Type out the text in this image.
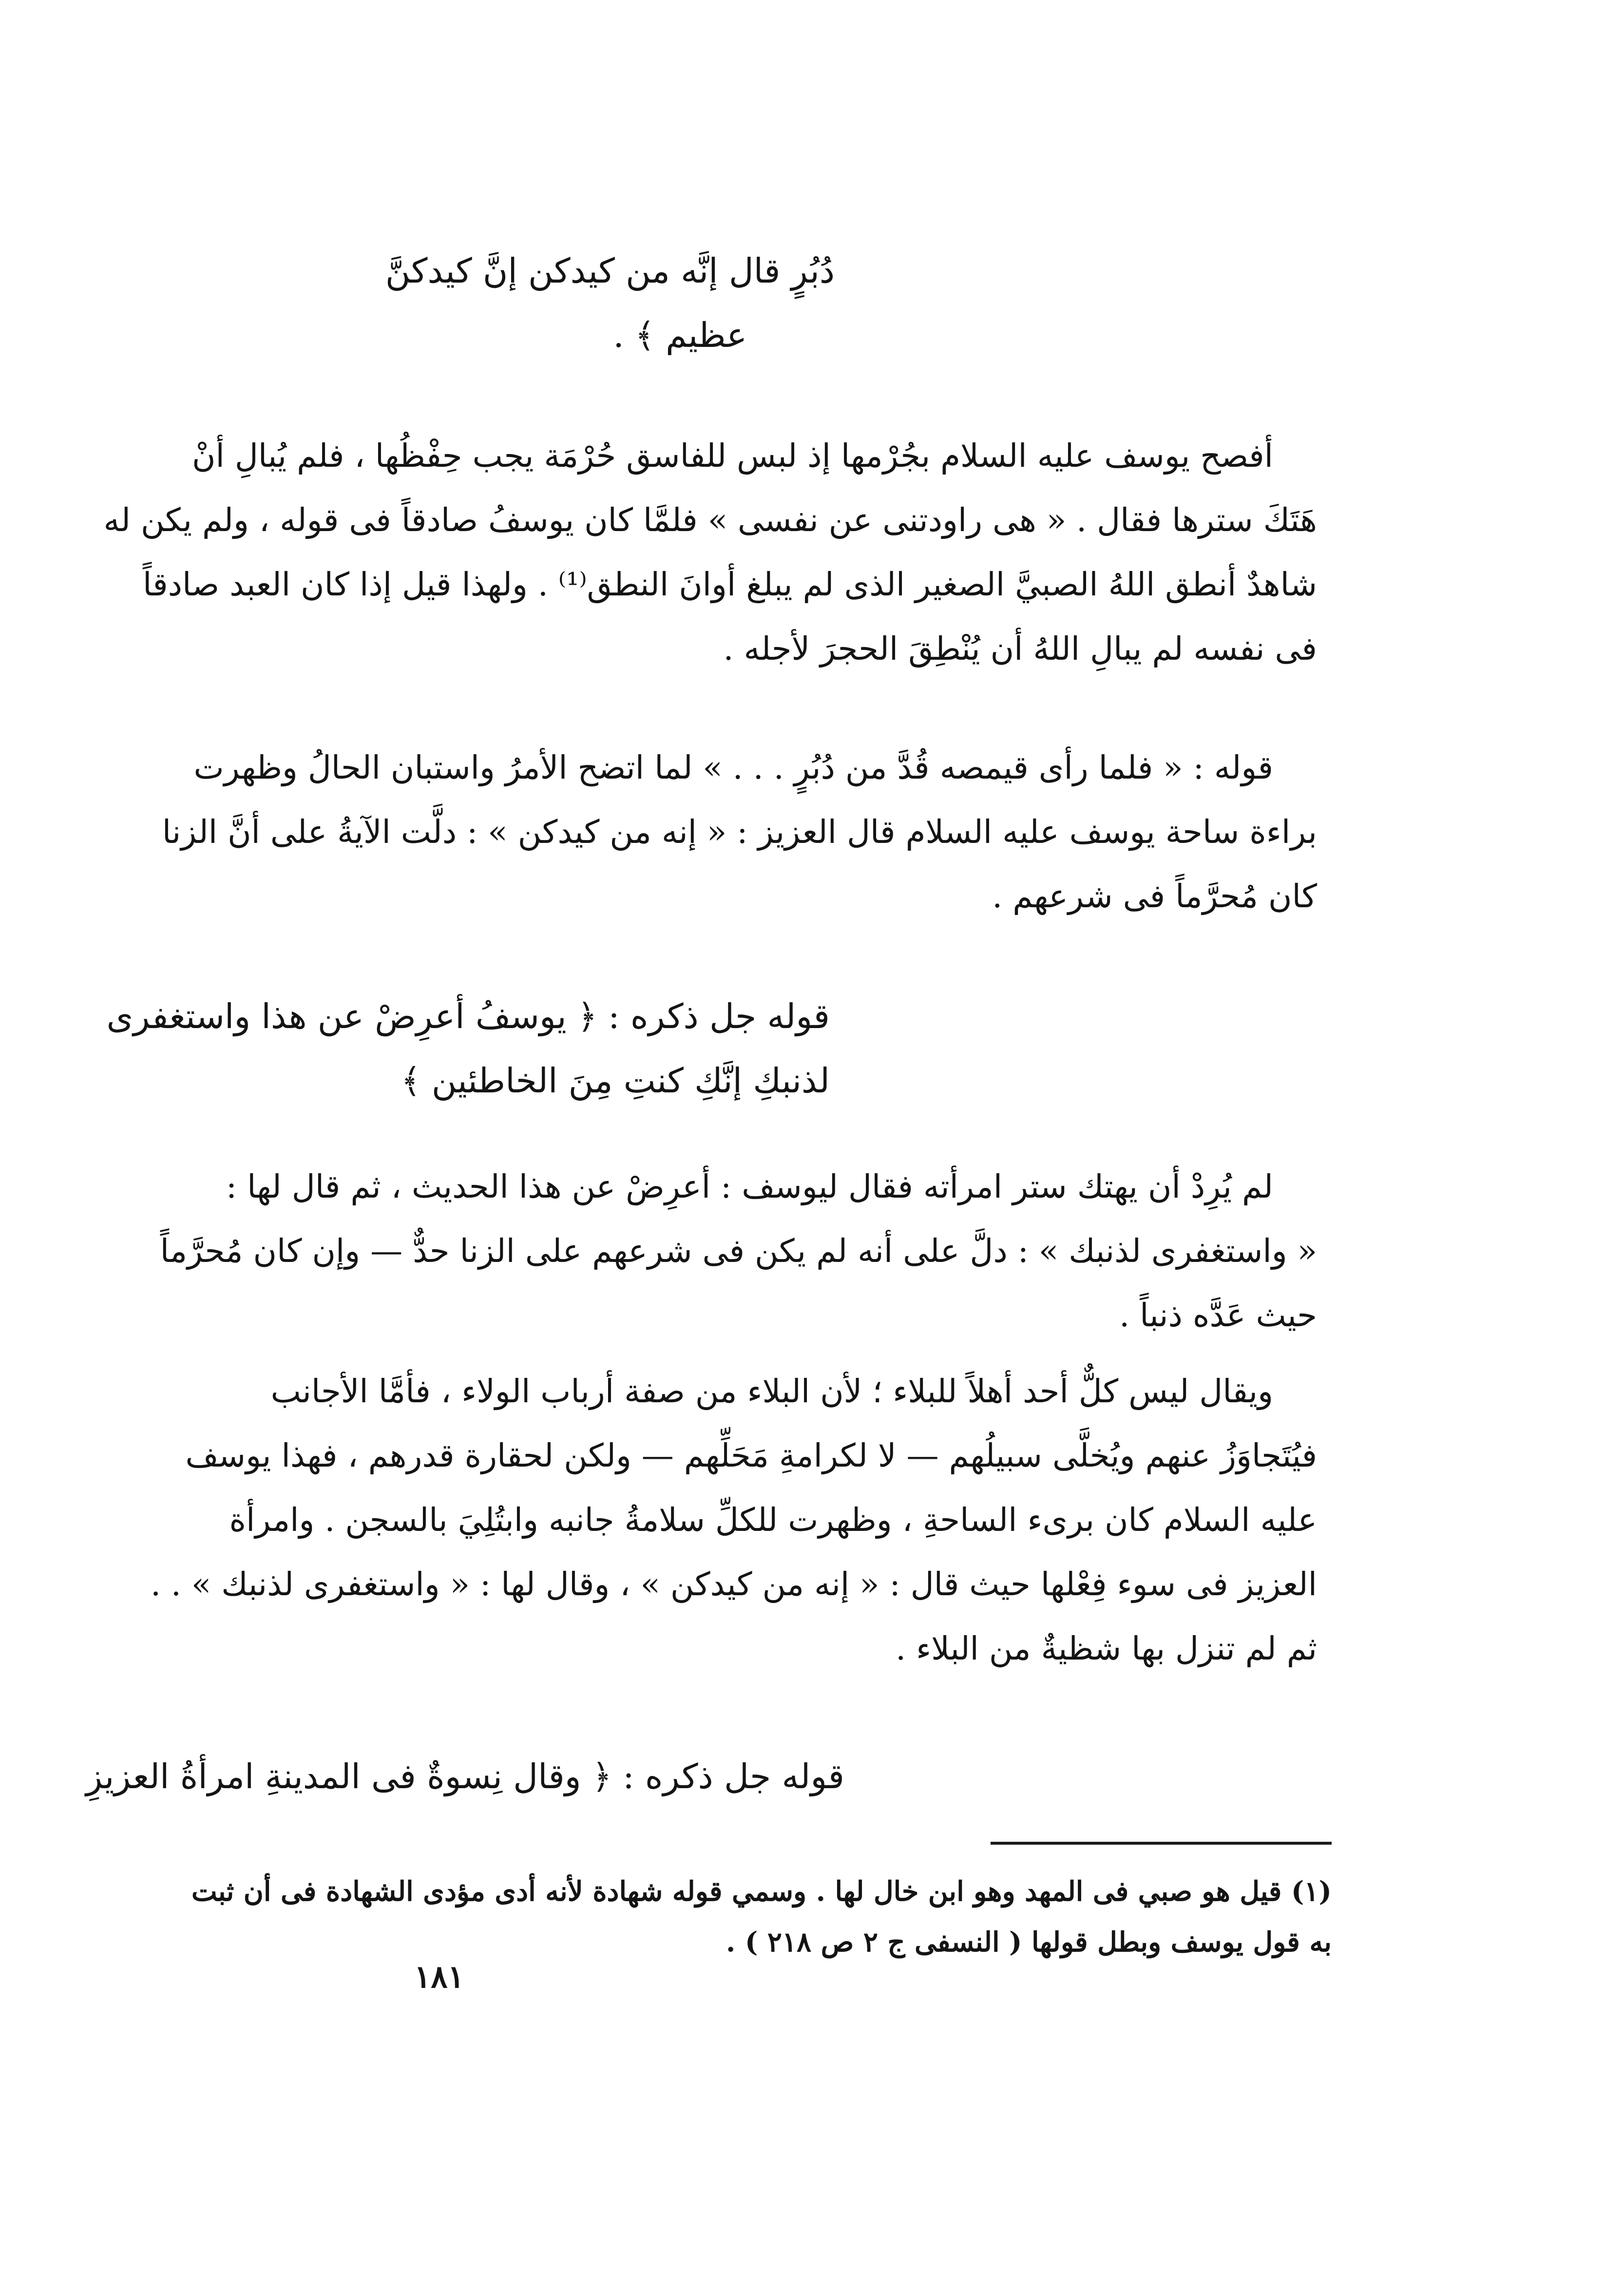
دُبُرٍ قال إنَّه من كيدكن إنَّ كيدكنَّ
عظيم ﴾ .
أفصح يوسف عليه السلام بجُرْمها إذ لبس للفاسق حُرْمَة يجب حِفْظُها ، فلم يُبالِ أنْ
هَتَكَ سترها فقال . « هى راودتنى عن نفسى » فلمَّا كان يوسفُ صادقاً فى قوله ، ولم يكن له
شاهدٌ أنطق اللهُ الصبيَّ الصغير الذى لم يبلغ أوانَ النطق⁽¹⁾ . ولهذا قيل إذا كان العبد صادقاً
فى نفسه لم يبالِ اللهُ أن يُنْطِقَ الحجرَ لأجله .
قوله : « فلما رأى قيمصه قُدَّ من دُبُرٍ . . . » لما اتضح الأمرُ واستبان الحالُ وظهرت
براءة ساحة يوسف عليه السلام قال العزيز : « إنه من كيدكن » : دلَّت الآيةُ على أنَّ الزنا
كان مُحرَّماً فى شرعهم .
قوله جل ذكره : ﴿ يوسفُ أعرِضْ عن هذا واستغفرى
لذنبكِ إنَّكِ كنتِ مِنَ الخاطئين ﴾
لم يُرِدْ أن يهتك ستر امرأته فقال ليوسف : أعرِضْ عن هذا الحديث ، ثم قال لها :
« واستغفرى لذنبك » : دلَّ على أنه لم يكن فى شرعهم على الزنا حدٌّ — وإن كان مُحرَّماً
حيث عَدَّه ذنباً .
ويقال ليس كلٌّ أحد أهلاً للبلاء ؛ لأن البلاء من صفة أرباب الولاء ، فأمَّا الأجانب
فيُتَجاوَزُ عنهم ويُخلَّى سبيلُهم — لا لكرامةِ مَحَلِّهم — ولكن لحقارة قدرهم ، فهذا يوسف
عليه السلام كان برىء الساحةِ ، وظهرت للكلِّ سلامةُ جانبه وابتُلِيَ بالسجن . وامرأة
العزيز فى سوء فِعْلها حيث قال : « إنه من كيدكن » ، وقال لها : « واستغفرى لذنبك » . .
ثم لم تنزل بها شظيةٌ من البلاء .
قوله جل ذكره : ﴿ وقال نِسوةٌ فى المدينةِ امرأةُ العزيزِ
(١) قيل هو صبي فى المهد وهو ابن خال لها . وسمي قوله شهادة لأنه أدى مؤدى الشهادة فى أن ثبت
به قول يوسف وبطل قولها ( النسفى ج ٢ ص ٢١٨ ) .
١٨١
